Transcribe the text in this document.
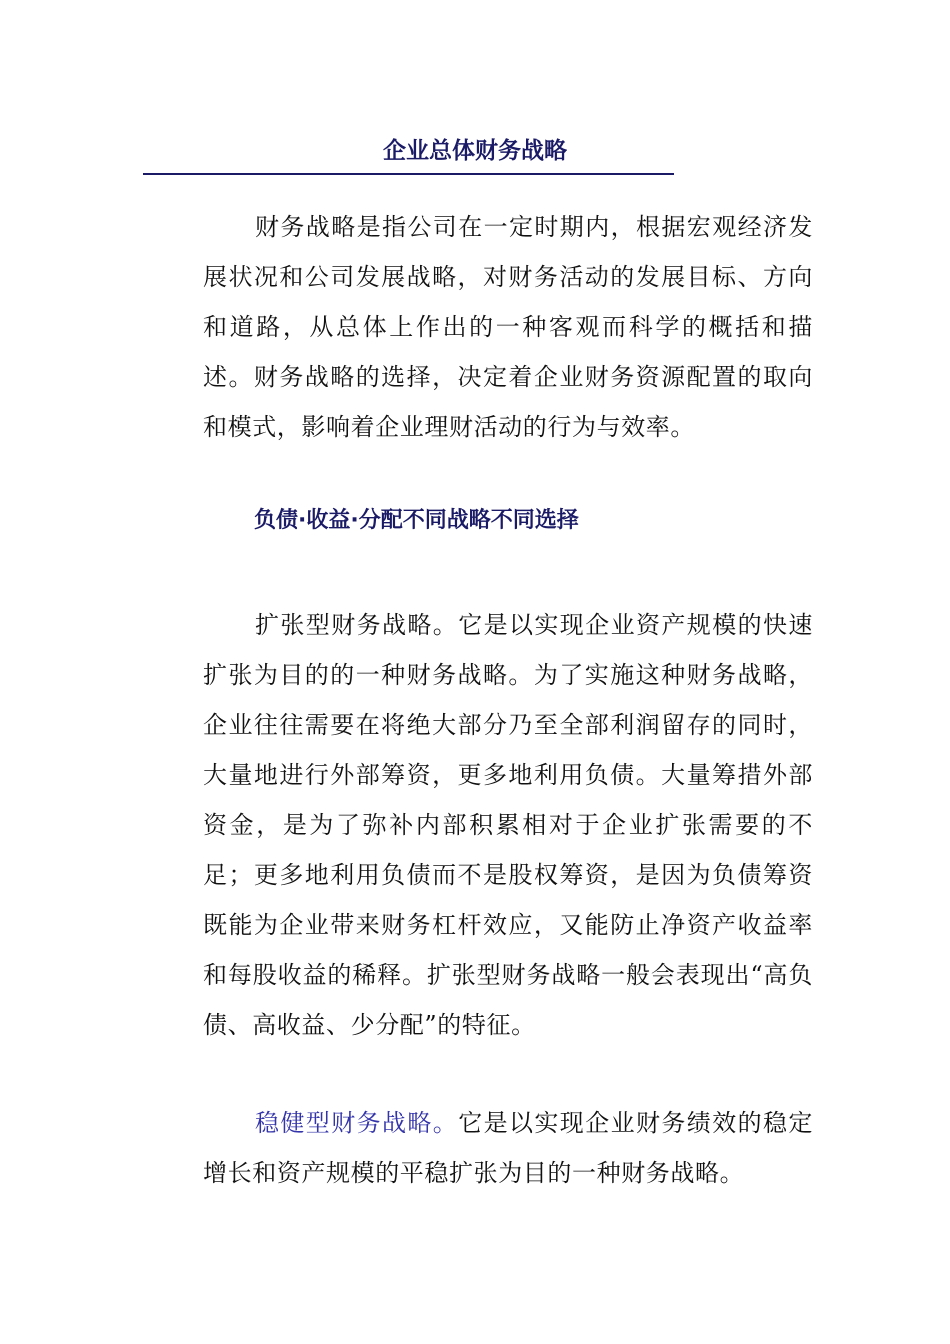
企业总体财务战略

财务战略是指公司在一定时期内，根据宏观经济发展状况和公司发展战略，对财务活动的发展目标、方向和道路，从总体上作出的一种客观而科学的概括和描述。财务战略的选择，决定着企业财务资源配置的取向和模式，影响着企业理财活动的行为与效率。

负债·收益·分配不同战略不同选择

扩张型财务战略。它是以实现企业资产规模的快速扩张为目的的一种财务战略。为了实施这种财务战略，企业往往需要在将绝大部分乃至全部利润留存的同时，大量地进行外部筹资，更多地利用负债。大量筹措外部资金，是为了弥补内部积累相对于企业扩张需要的不足；更多地利用负债而不是股权筹资，是因为负债筹资既能为企业带来财务杠杆效应，又能防止净资产收益率和每股收益的稀释。扩张型财务战略一般会表现出“高负债、高收益、少分配”的特征。

稳健型财务战略。它是以实现企业财务绩效的稳定增长和资产规模的平稳扩张为目的一种财务战略。
